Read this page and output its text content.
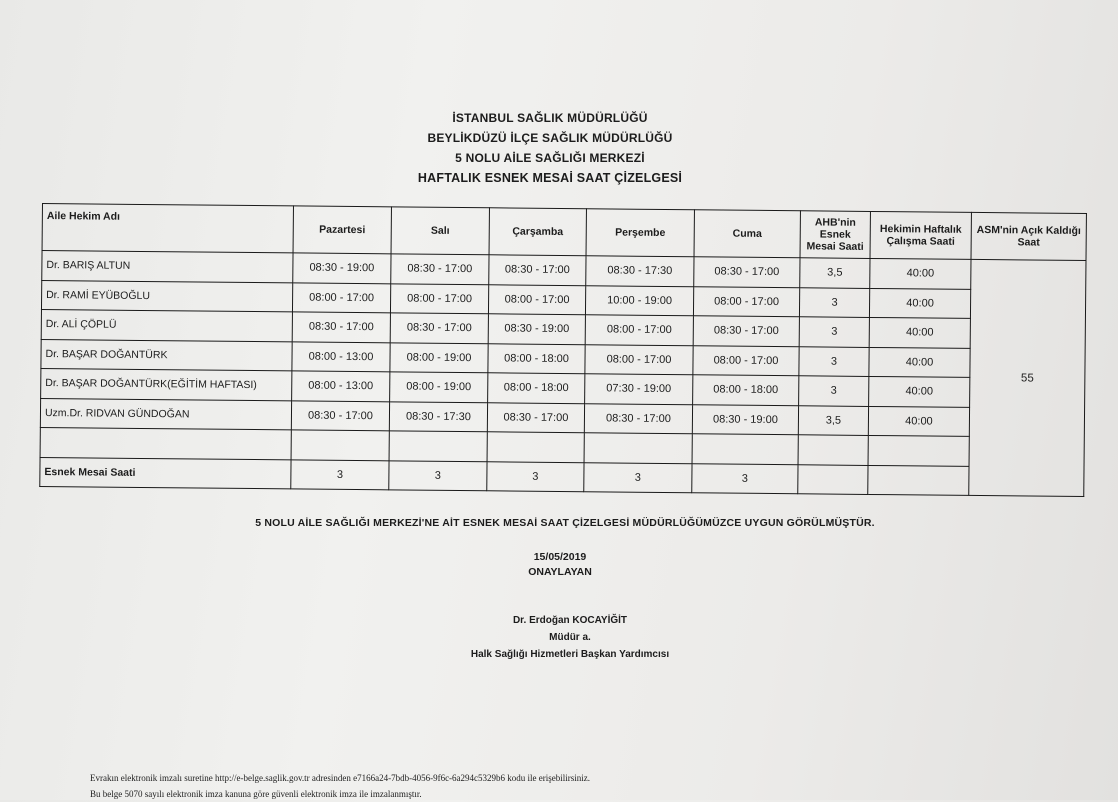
İSTANBUL SAĞLIK MÜDÜRLÜĞÜ
BEYLİKDÜZÜ İLÇE SAĞLIK MÜDÜRLÜĞÜ
5 NOLU AİLE SAĞLIĞI MERKEZİ
HAFTALIK ESNEK MESAİ SAAT ÇİZELGESİ
Aile Hekim Adı	Pazartesi	Salı	Çarşamba	Perşembe	Cuma	AHB'nin Esnek Mesai Saati	Hekimin Haftalık Çalışma Saati	ASM'nin Açık Kaldığı Saat
Dr. BARIŞ ALTUN	08:30 - 19:00	08:30 - 17:00	08:30 - 17:00	08:30 - 17:30	08:30 - 17:00	3,5	40:00	55
Dr. RAMİ EYÜBOĞLU	08:00 - 17:00	08:00 - 17:00	08:00 - 17:00	10:00 - 19:00	08:00 - 17:00	3	40:00	
Dr. ALİ ÇÖPLÜ	08:30 - 17:00	08:30 - 17:00	08:30 - 19:00	08:00 - 17:00	08:30 - 17:00	3	40:00	
Dr. BAŞAR DOĞANTÜRK	08:00 - 13:00	08:00 - 19:00	08:00 - 18:00	08:00 - 17:00	08:00 - 17:00	3	40:00	
Dr. BAŞAR DOĞANTÜRK(EĞİTİM HAFTASI)	08:00 - 13:00	08:00 - 19:00	08:00 - 18:00	07:30 - 19:00	08:00 - 18:00	3	40:00	
Uzm.Dr. RIDVAN GÜNDOĞAN	08:30 - 17:00	08:30 - 17:30	08:30 - 17:00	08:30 - 17:00	08:30 - 19:00	3,5	40:00	

Esnek Mesai Saati	3	3	3	3	3			
5 NOLU AİLE SAĞLIĞI MERKEZİ'NE AİT ESNEK MESAİ SAAT ÇİZELGESİ MÜDÜRLÜĞÜMÜZCE UYGUN GÖRÜLMÜŞTÜR.
15/05/2019
ONAYLAYAN
Dr. Erdoğan KOCAYİĞİT
Müdür a.
Halk Sağlığı Hizmetleri Başkan Yardımcısı
Evrakın elektronik imzalı suretine http://e-belge.saglik.gov.tr adresinden e7166a24-7bdb-4056-9f6c-6a294c5329b6 kodu ile erişebilirsiniz.
Bu belge 5070 sayılı elektronik imza kanuna göre güvenli elektronik imza ile imzalanmıştır.
